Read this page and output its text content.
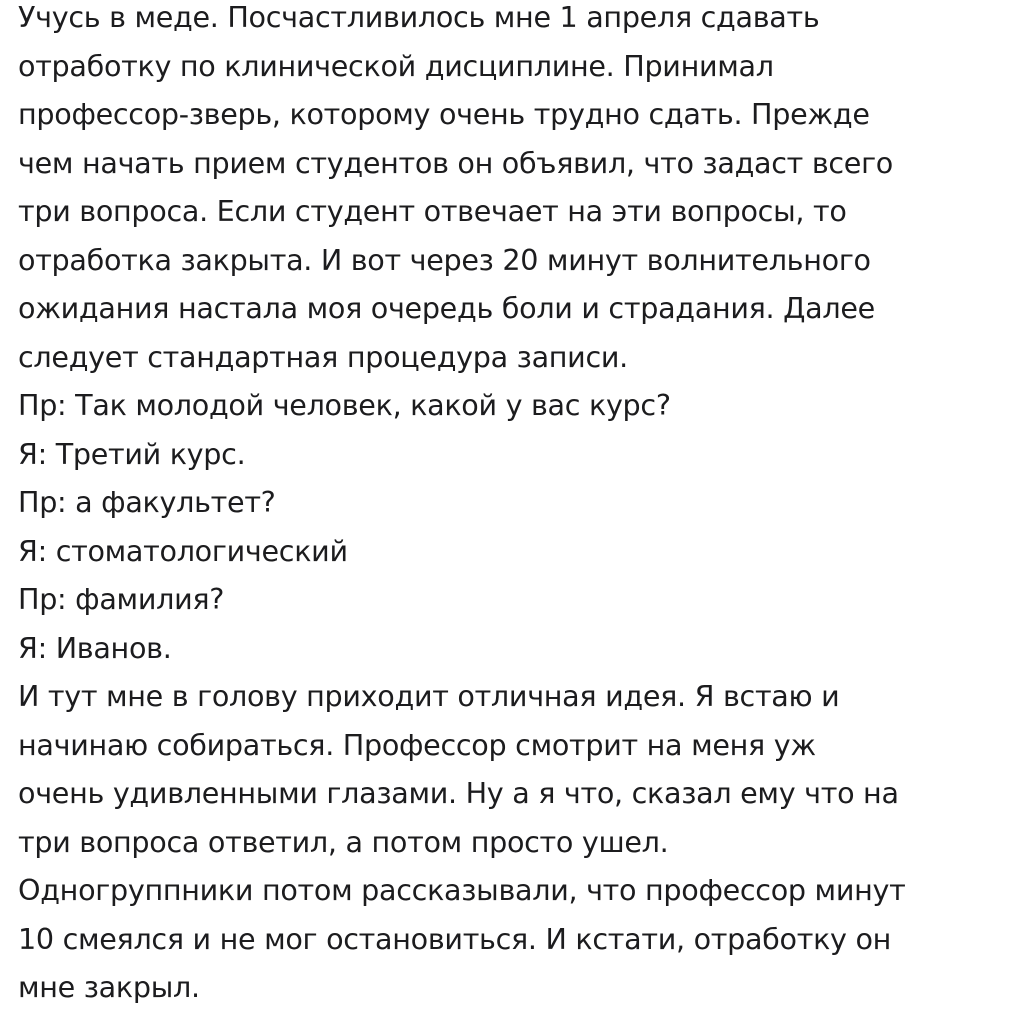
Учусь в меде. Посчастливилось мне 1 апреля сдавать
отработку по клинической дисциплине. Принимал
профессор-зверь, которому очень трудно сдать. Прежде
чем начать прием студентов он объявил, что задаст всего
три вопроса. Если студент отвечает на эти вопросы, то
отработка закрыта. И вот через 20 минут волнительного
ожидания настала моя очередь боли и страдания. Далее
следует стандартная процедура записи.
Пр: Так молодой человек, какой у вас курс?
Я: Третий курс.
Пр: а факультет?
Я: стоматологический
Пр: фамилия?
Я: Иванов.
И тут мне в голову приходит отличная идея. Я встаю и
начинаю собираться. Профессор смотрит на меня уж
очень удивленными глазами. Ну а я что, сказал ему что на
три вопроса ответил, а потом просто ушел.
Одногруппники потом рассказывали, что профессор минут
10 смеялся и не мог остановиться. И кстати, отработку он
мне закрыл.
